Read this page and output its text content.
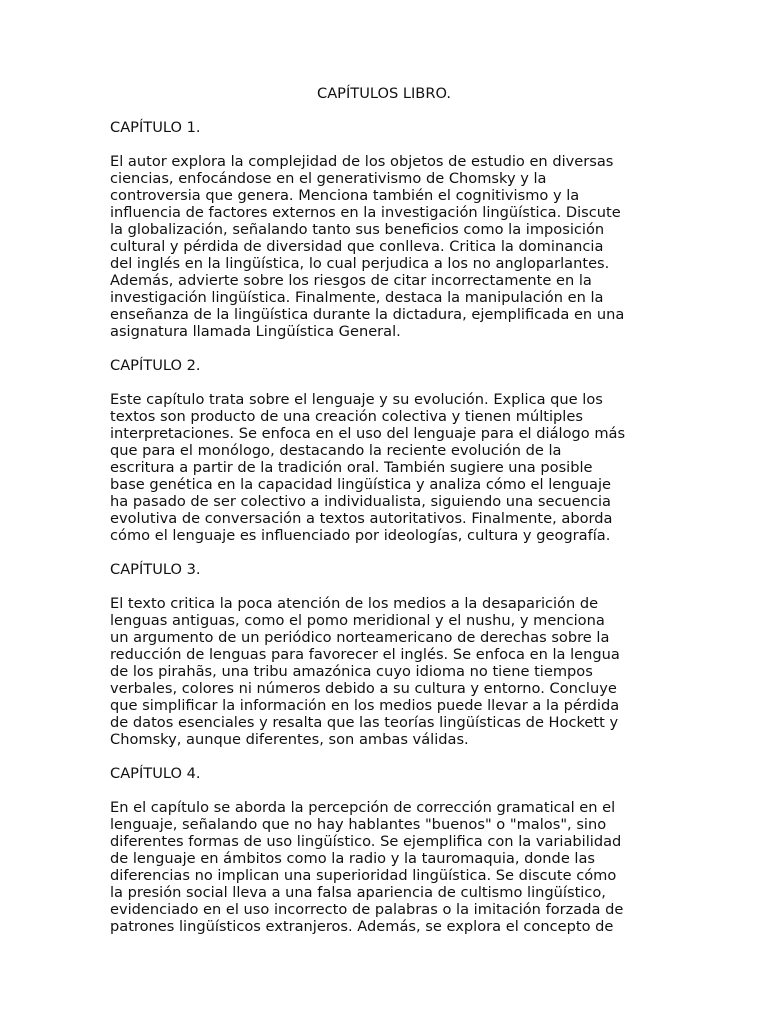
CAPÍTULOS LIBRO.
CAPÍTULO 1.

El autor explora la complejidad de los objetos de estudio en diversas
ciencias, enfocándose en el generativismo de Chomsky y la
controversia que genera. Menciona también el cognitivismo y la
influencia de factores externos en la investigación lingüística. Discute
la globalización, señalando tanto sus beneficios como la imposición
cultural y pérdida de diversidad que conlleva. Critica la dominancia
del inglés en la lingüística, lo cual perjudica a los no angloparlantes.
Además, advierte sobre los riesgos de citar incorrectamente en la
investigación lingüística. Finalmente, destaca la manipulación en la
enseñanza de la lingüística durante la dictadura, ejemplificada en una
asignatura llamada Lingüística General.

CAPÍTULO 2.

Este capítulo trata sobre el lenguaje y su evolución. Explica que los
textos son producto de una creación colectiva y tienen múltiples
interpretaciones. Se enfoca en el uso del lenguaje para el diálogo más
que para el monólogo, destacando la reciente evolución de la
escritura a partir de la tradición oral. También sugiere una posible
base genética en la capacidad lingüística y analiza cómo el lenguaje
ha pasado de ser colectivo a individualista, siguiendo una secuencia
evolutiva de conversación a textos autoritativos. Finalmente, aborda
cómo el lenguaje es influenciado por ideologías, cultura y geografía.

CAPÍTULO 3.

El texto critica la poca atención de los medios a la desaparición de
lenguas antiguas, como el pomo meridional y el nushu, y menciona
un argumento de un periódico norteamericano de derechas sobre la
reducción de lenguas para favorecer el inglés. Se enfoca en la lengua
de los pirahãs, una tribu amazónica cuyo idioma no tiene tiempos
verbales, colores ni números debido a su cultura y entorno. Concluye
que simplificar la información en los medios puede llevar a la pérdida
de datos esenciales y resalta que las teorías lingüísticas de Hockett y
Chomsky, aunque diferentes, son ambas válidas.

CAPÍTULO 4.

En el capítulo se aborda la percepción de corrección gramatical en el
lenguaje, señalando que no hay hablantes "buenos" o "malos", sino
diferentes formas de uso lingüístico. Se ejemplifica con la variabilidad
de lenguaje en ámbitos como la radio y la tauromaquia, donde las
diferencias no implican una superioridad lingüística. Se discute cómo
la presión social lleva a una falsa apariencia de cultismo lingüístico,
evidenciado en el uso incorrecto de palabras o la imitación forzada de
patrones lingüísticos extranjeros. Además, se explora el concepto de
